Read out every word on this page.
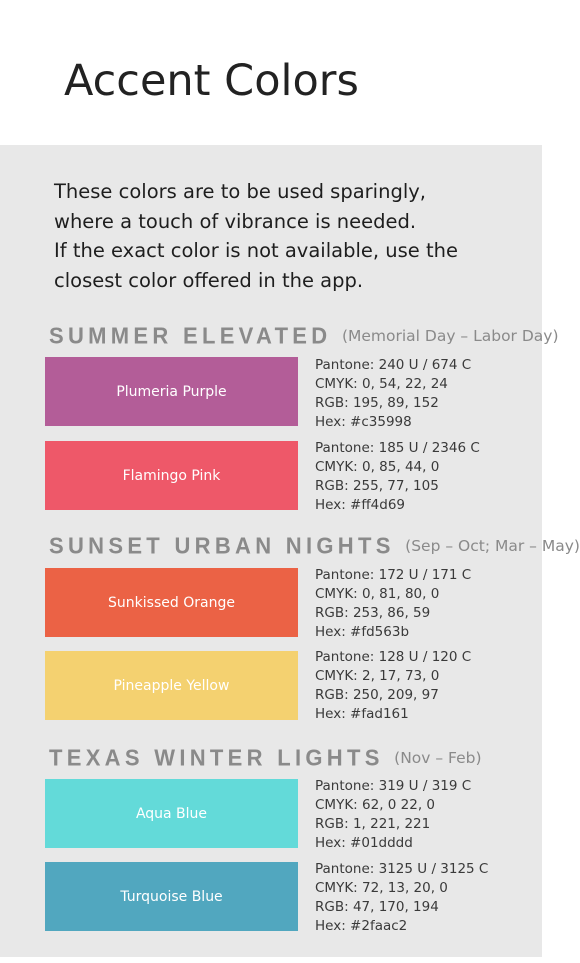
Accent Colors
These colors are to be used sparingly,
where a touch of vibrance is needed.
If the exact color is not available, use the
closest color offered in the app.
SUMMER ELEVATED (Memorial Day – Labor Day)
Plumeria Purple
Pantone: 240 U / 674 C
CMYK: 0, 54, 22, 24
RGB: 195, 89, 152
Hex: #c35998
Flamingo Pink
Pantone: 185 U / 2346 C
CMYK: 0, 85, 44, 0
RGB: 255, 77, 105
Hex: #ff4d69
SUNSET URBAN NIGHTS (Sep – Oct; Mar – May)
Sunkissed Orange
Pantone: 172 U / 171 C
CMYK: 0, 81, 80, 0
RGB: 253, 86, 59
Hex: #fd563b
Pineapple Yellow
Pantone: 128 U / 120 C
CMYK: 2, 17, 73, 0
RGB: 250, 209, 97
Hex: #fad161
TEXAS WINTER LIGHTS (Nov – Feb)
Aqua Blue
Pantone: 319 U / 319 C
CMYK: 62, 0 22, 0
RGB: 1, 221, 221
Hex: #01dddd
Turquoise Blue
Pantone: 3125 U / 3125 C
CMYK: 72, 13, 20, 0
RGB: 47, 170, 194
Hex: #2faac2
